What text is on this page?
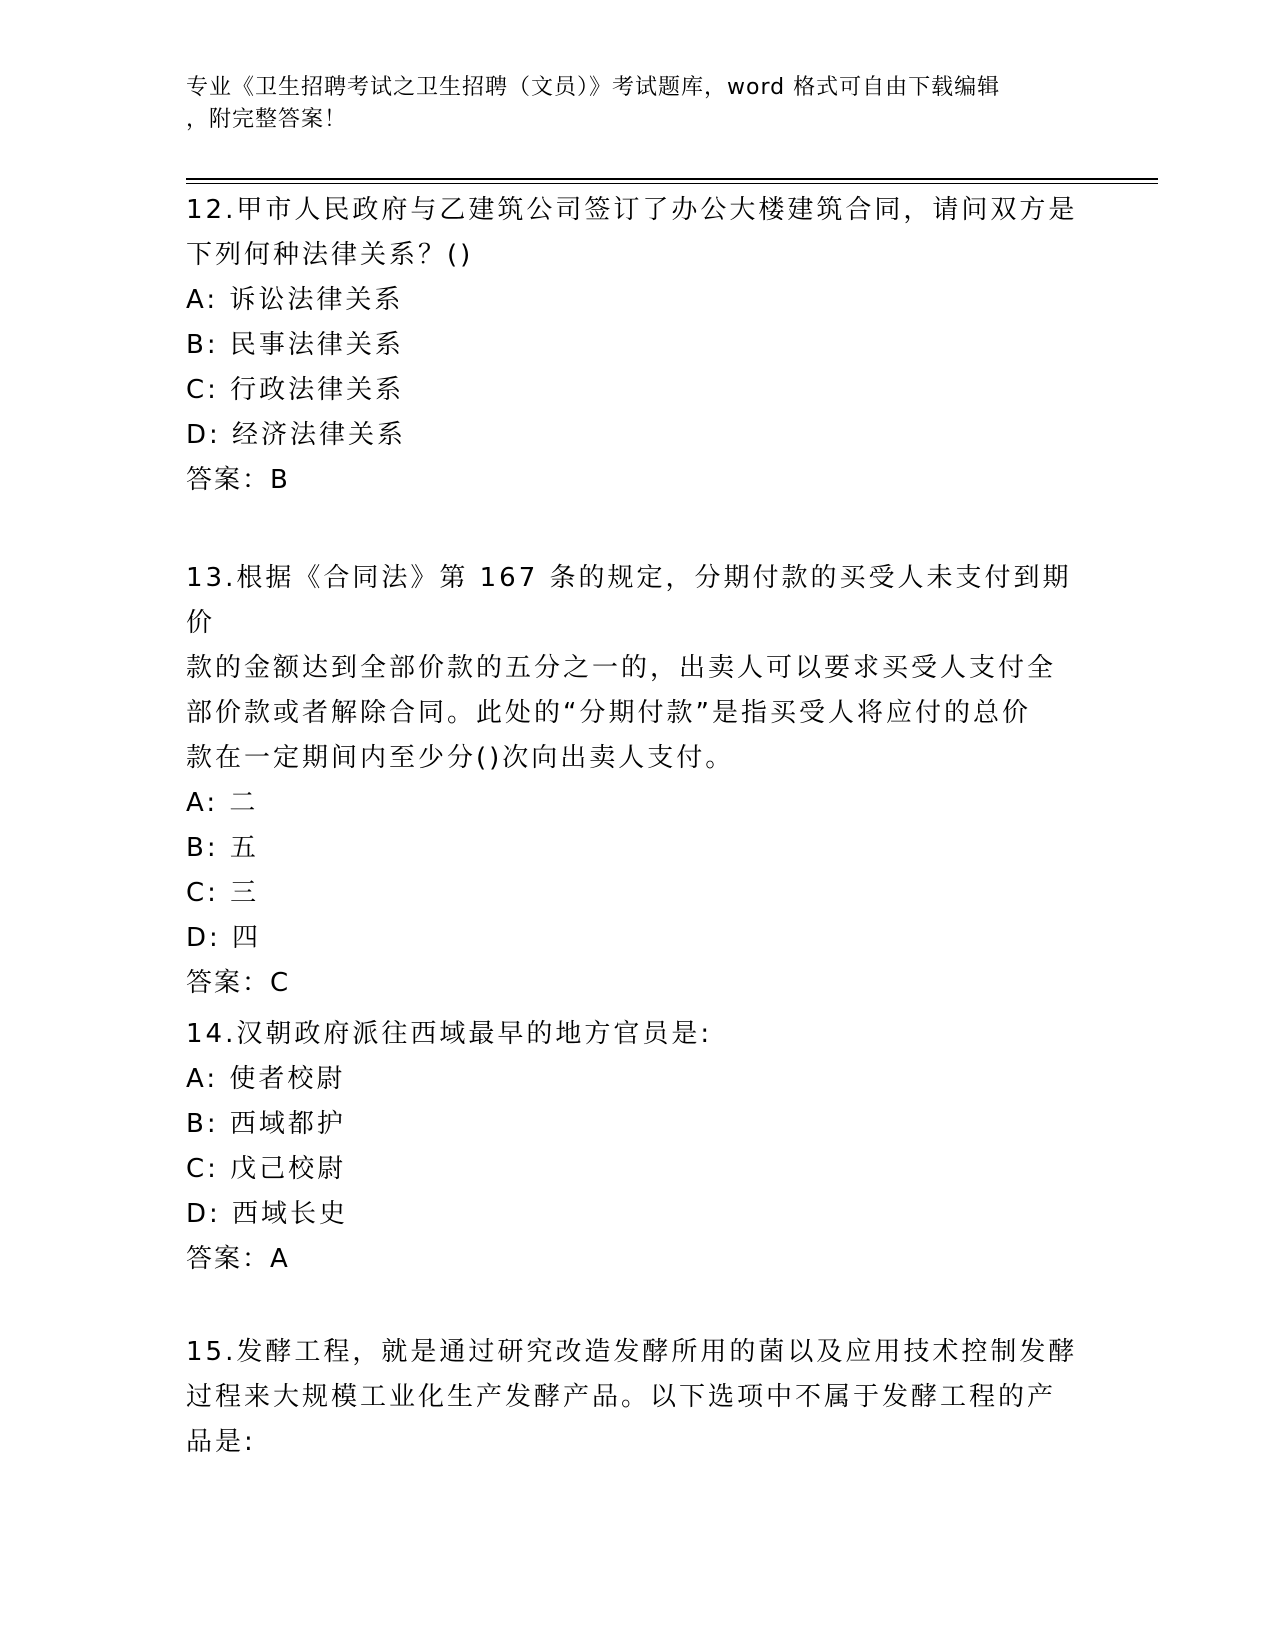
专业《卫生招聘考试之卫生招聘（文员）》考试题库，word 格式可自由下载编辑
，附完整答案！

12.甲市人民政府与乙建筑公司签订了办公大楼建筑合同，请问双方是

下列何种法律关系？()

A: 诉讼法律关系

B: 民事法律关系

C: 行政法律关系

D: 经济法律关系

答案：B

13.根据《合同法》第 167 条的规定，分期付款的买受人未支付到期价

款的金额达到全部价款的五分之一的，出卖人可以要求买受人支付全

部价款或者解除合同。此处的“分期付款”是指买受人将应付的总价

款在一定期间内至少分()次向出卖人支付。

A: 二

B: 五

C: 三

D: 四

答案：C

14.汉朝政府派往西域最早的地方官员是:

A: 使者校尉

B: 西域都护

C: 戊己校尉

D: 西域长史

答案：A

15.发酵工程，就是通过研究改造发酵所用的菌以及应用技术控制发酵

过程来大规模工业化生产发酵产品。以下选项中不属于发酵工程的产

品是:
